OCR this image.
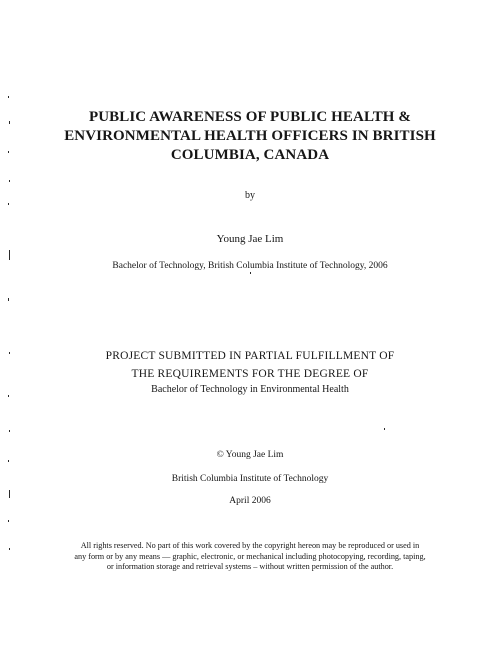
PUBLIC AWARENESS OF PUBLIC HEALTH &
ENVIRONMENTAL HEALTH OFFICERS IN BRITISH
COLUMBIA, CANADA
by
Young Jae Lim
Bachelor of Technology, British Columbia Institute of Technology, 2006
PROJECT SUBMITTED IN PARTIAL FULFILLMENT OF
THE REQUIREMENTS FOR THE DEGREE OF
Bachelor of Technology in Environmental Health
© Young Jae Lim
British Columbia Institute of Technology
April 2006
All rights reserved. No part of this work covered by the copyright hereon may be reproduced or used in
any form or by any means — graphic, electronic, or mechanical including photocopying, recording, taping,
or information storage and retrieval systems – without written permission of the author.
